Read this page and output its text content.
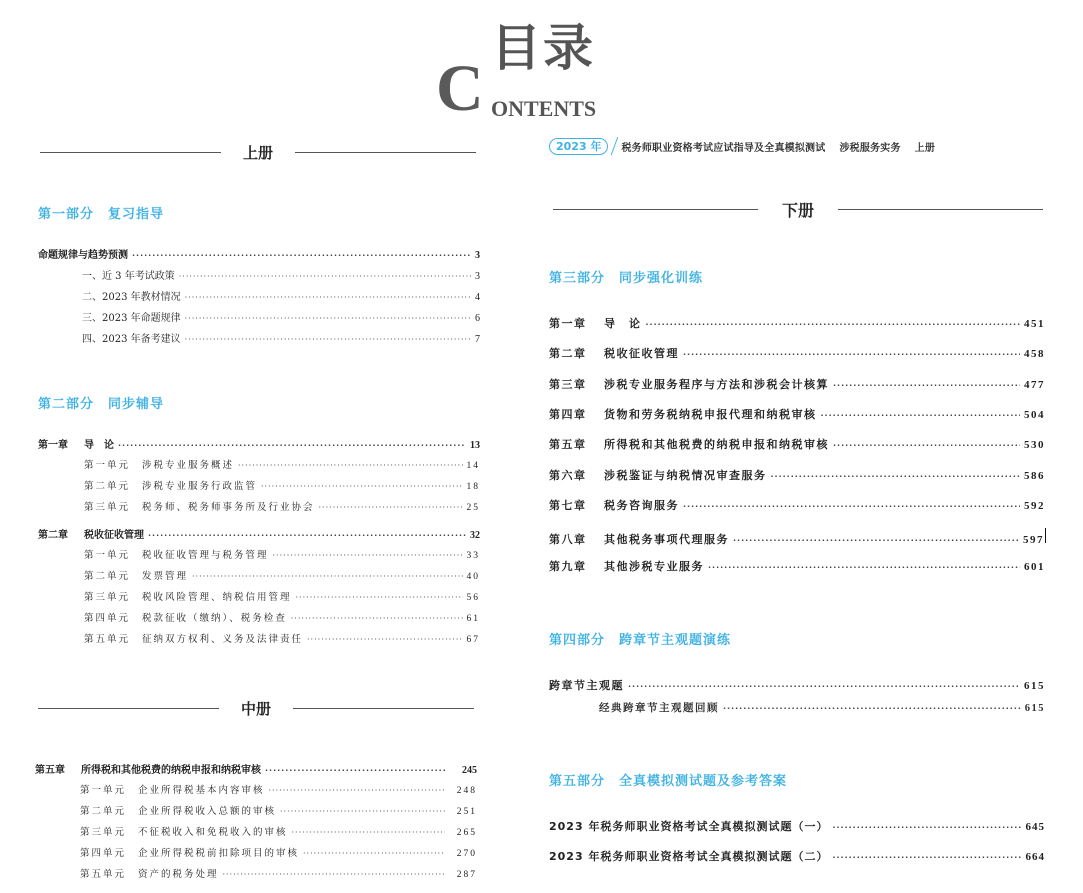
C
目录
ONTENTS
上册
第一部分 复习指导
命题规律与趋势预测 ·····	3
一、近 3 年考试政策 ·····	3
二、2023 年教材情况 ·····	4
三、2023 年命题规律 ·····	6
四、2023 年备考建议 ·····	7
第二部分 同步辅导
第一章 导　论 ·····	13
第一单元 涉税专业服务概述 ·····	14
第二单元 涉税专业服务行政监管 ·····	18
第三单元 税务师、税务师事务所及行业协会 ·····	25
第二章 税收征收管理 ·····	32
第一单元 税收征收管理与税务管理 ·····	33
第二单元 发票管理 ·····	40
第三单元 税收风险管理、纳税信用管理 ·····	56
第四单元 税款征收（缴纳）、税务检查 ·····	61
第五单元 征纳双方权利、义务及法律责任 ·····	67
中册
第五章 所得税和其他税费的纳税申报和纳税审核 ·····	245
第一单元 企业所得税基本内容审核 ·····	248
第二单元 企业所得税收入总额的审核 ·····	251
第三单元 不征税收入和免税收入的审核 ·····	265
第四单元 企业所得税税前扣除项目的审核 ·····	270
第五单元 资产的税务处理 ·····	287
2023 年	税务师职业资格考试应试指导及全真模拟测试 涉税服务实务 上册
下册
第三部分 同步强化训练
第一章 导　论 ·····	451
第二章 税收征收管理 ·····	458
第三章 涉税专业服务程序与方法和涉税会计核算 ·····	477
第四章 货物和劳务税纳税申报代理和纳税审核 ·····	504
第五章 所得税和其他税费的纳税申报和纳税审核 ·····	530
第六章 涉税鉴证与纳税情况审查服务 ·····	586
第七章 税务咨询服务 ·····	592
第八章 其他税务事项代理服务 ·····	597
第九章 其他涉税专业服务 ·····	601
第四部分 跨章节主观题演练
跨章节主观题 ·····	615
经典跨章节主观题回顾 ·····	615
第五部分 全真模拟测试题及参考答案
2023 年税务师职业资格考试全真模拟测试题（一） ·····	645
2023 年税务师职业资格考试全真模拟测试题（二） ·····	664
